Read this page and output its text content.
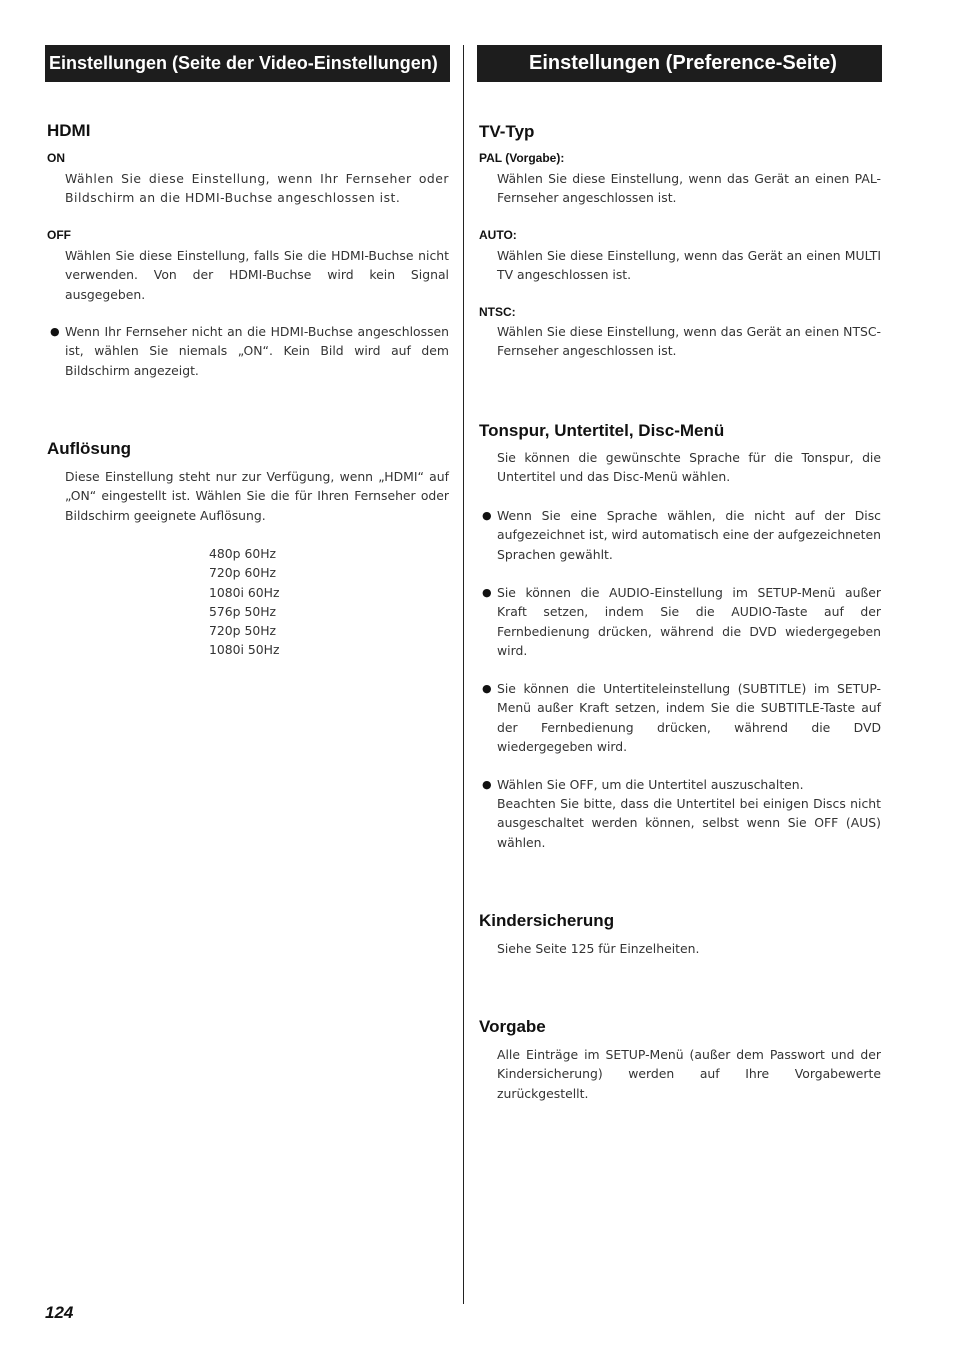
Einstellungen (Seite der Video-Einstellungen)	Einstellungen (Preference-Seite)
HDMI
ON

Wählen Sie diese Einstellung, wenn Ihr Fernseher oder Bildschirm an die HDMI-Buchse angeschlossen ist.

OFF

Wählen Sie diese Einstellung, falls Sie die HDMI-Buchse nicht verwenden. Von der HDMI-Buchse wird kein Signal ausgegeben.

● Wenn Ihr Fernseher nicht an die HDMI-Buchse angeschlossen ist, wählen Sie niemals „ON“. Kein Bild wird auf dem Bildschirm angezeigt.

Auflösung

Diese Einstellung steht nur zur Verfügung, wenn „HDMI“ auf „ON“ eingestellt ist. Wählen Sie die für Ihren Fernseher oder Bildschirm geeignete Auflösung.

480p 60Hz
720p 60Hz
1080i 60Hz
576p 50Hz
720p 50Hz
1080i 50Hz
TV-Typ
PAL (Vorgabe):

Wählen Sie diese Einstellung, wenn das Gerät an einen PAL-Fernseher angeschlossen ist.

AUTO:

Wählen Sie diese Einstellung, wenn das Gerät an einen MULTI TV angeschlossen ist.

NTSC:

Wählen Sie diese Einstellung, wenn das Gerät an einen NTSC-Fernseher angeschlossen ist.

Tonspur, Untertitel, Disc-Menü

Sie können die gewünschte Sprache für die Tonspur, die Untertitel und das Disc-Menü wählen.

● Wenn Sie eine Sprache wählen, die nicht auf der Disc aufgezeichnet ist, wird automatisch eine der aufgezeichneten Sprachen gewählt.

● Sie können die AUDIO-Einstellung im SETUP-Menü außer Kraft setzen, indem Sie die AUDIO-Taste auf der Fernbedienung drücken, während die DVD wiedergegeben wird.

● Sie können die Untertiteleinstellung (SUBTITLE) im SETUP-Menü außer Kraft setzen, indem Sie die SUBTITLE-Taste auf der Fernbedienung drücken, während die DVD wiedergegeben wird.

● Wählen Sie OFF, um die Untertitel auszuschalten.

Beachten Sie bitte, dass die Untertitel bei einigen Discs nicht ausgeschaltet werden können, selbst wenn Sie OFF (AUS) wählen.

Kindersicherung

Siehe Seite 125 für Einzelheiten.

Vorgabe

Alle Einträge im SETUP-Menü (außer dem Passwort und der Kindersicherung) werden auf Ihre Vorgabewerte zurückgestellt.

124
